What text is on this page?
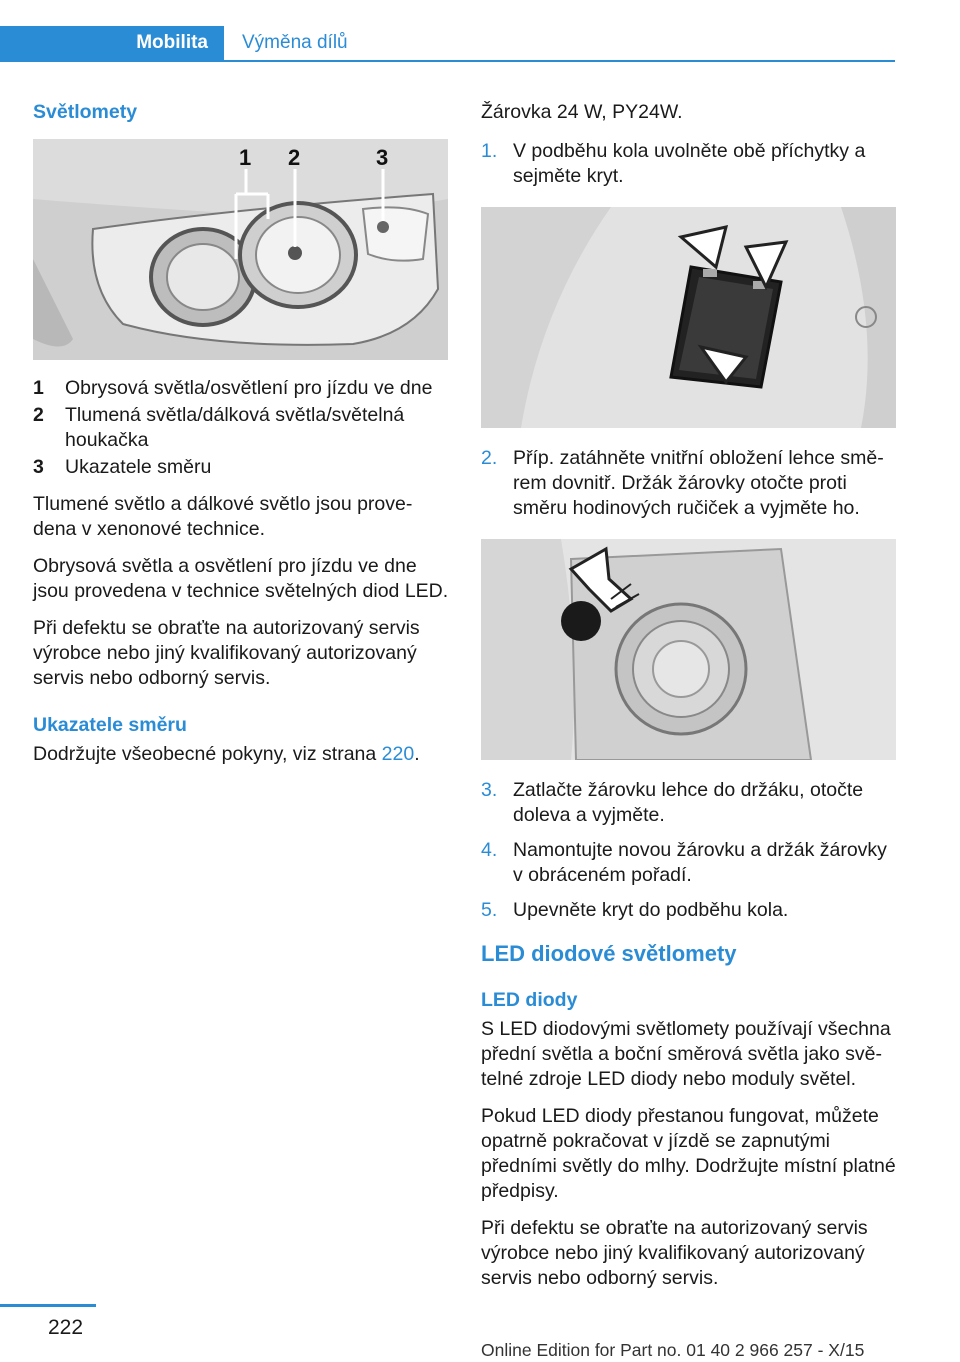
Mobilita	Výměna dílů
Světlomety
1 2	3
1	Obrysová světla/osvětlení pro jízdu ve dne
2	Tlumená světla/dálková světla/světelná houkačka
3	Ukazatele směru

Tlumené světlo a dálkové světlo jsou prove‐dena v xenonové technice.

Obrysová světla a osvětlení pro jízdu ve dne jsou provedena v technice světelných diod LED.

Při defektu se obraťte na autorizovaný servis výrobce nebo jiný kvalifikovaný autorizovaný servis nebo odborný servis.

Ukazatele směru

Dodržujte všeobecné pokyny, viz strana 220.

Žárovka 24 W, PY24W.

1. V podběhu kola uvolněte obě příchytky a sejměte kryt.
2. Příp. zatáhněte vnitřní obložení lehce smě‐rem dovnitř. Držák žárovky otočte proti směru hodinových ručiček a vyjměte ho.
3. Zatlačte žárovku lehce do držáku, otočte doleva a vyjměte.
4. Namontujte novou žárovku a držák žárovky v obráceném pořadí.
5. Upevněte kryt do podběhu kola.
LED diodové světlomety
LED diody

S LED diodovými světlomety používají všechna přední světla a boční směrová světla jako svě‐telné zdroje LED diody nebo moduly světel.

Pokud LED diody přestanou fungovat, můžete opatrně pokračovat v jízdě se zapnutými předními světly do mlhy. Dodržujte místní platné předpisy.

Při defektu se obraťte na autorizovaný servis výrobce nebo jiný kvalifikovaný autorizovaný servis nebo odborný servis.

222
Online Edition for Part no. 01 40 2 966 257 - X/15
